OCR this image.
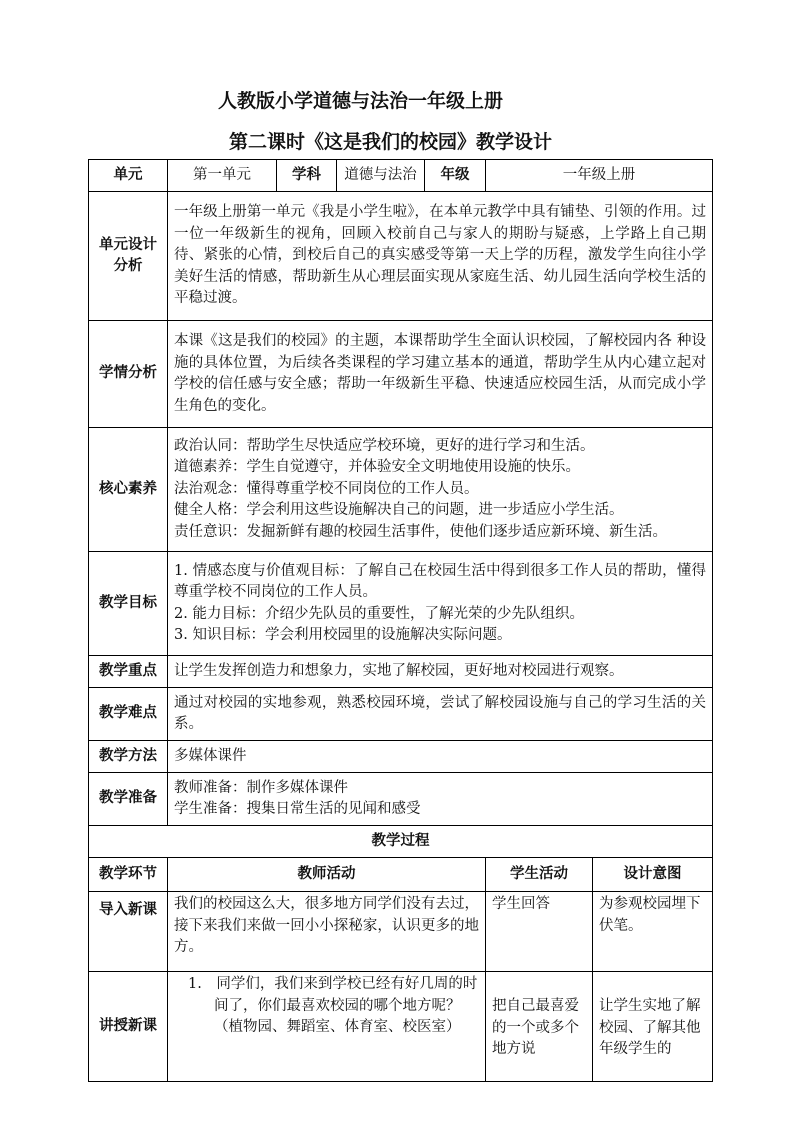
人教版小学道德与法治一年级上册
第二课时《这是我们的校园》教学设计
单元	第一单元	学科	道德与法治	年级	一年级上册	
单元设计分析	一年级上册第一单元《我是小学生啦》，在本单元教学中具有铺垫、引领的作用。过一位一年级新生的视角，回顾入校前自己与家人的期盼与疑惑，上学路上自己期待、紧张的心情，到校后自己的真实感受等第一天上学的历程，激发学生向往小学美好生活的情感，帮助新生从心理层面实现从家庭生活、幼儿园生活向学校生活的平稳过渡。					
学情分析	本课《这是我们的校园》的主题，本课帮助学生全面认识校园，了解校园内各 种设施的具体位置，为后续各类课程的学习建立基本的通道，帮助学生从内心建立起对学校的信任感与安全感；帮助一年级新生平稳、快速适应校园生活，从而完成小学生角色的变化。					
核心素养	政治认同：帮助学生尽快适应学校环境，更好的进行学习和生活。

道德素养：学生自觉遵守，并体验安全文明地使用设施的快乐。

法治观念：懂得尊重学校不同岗位的工作人员。

健全人格：学会利用这些设施解决自己的问题，进一步适应小学生活。

责任意识：发掘新鲜有趣的校园生活事件，使他们逐步适应新环境、新生活。					

教学目标	1. 情感态度与价值观目标：了解自己在校园生活中得到很多工作人员的帮助，懂得尊重学校不同岗位的工作人员。

2. 能力目标：介绍少先队员的重要性，了解光荣的少先队组织。

3. 知识目标：学会利用校园里的设施解决实际问题。					

教学重点	让学生发挥创造力和想象力，实地了解校园，更好地对校园进行观察。					
教学难点	通过对校园的实地参观，熟悉校园环境，尝试了解校园设施与自己的学习生活的关系。					
教学方法	多媒体课件					
教学准备	教师准备：制作多媒体课件

学生准备：搜集日常生活的见闻和感受					

教学过程						
教学环节	教师活动				学生活动	设计意图
导入新课	我们的校园这么大，很多地方同学们没有去过，接下来我们来做一回小小探秘家，认识更多的地方。				学生回答	为参观校园埋下伏笔。
讲授新课	1.　同学们，我们来到学校已经有好几周的时间了，你们最喜欢校园的哪个地方呢？（植物园、舞蹈室、体育室、校医室）				把自己最喜爱的一个或多个地方说	让学生实地了解校园、了解其他年级学生的
